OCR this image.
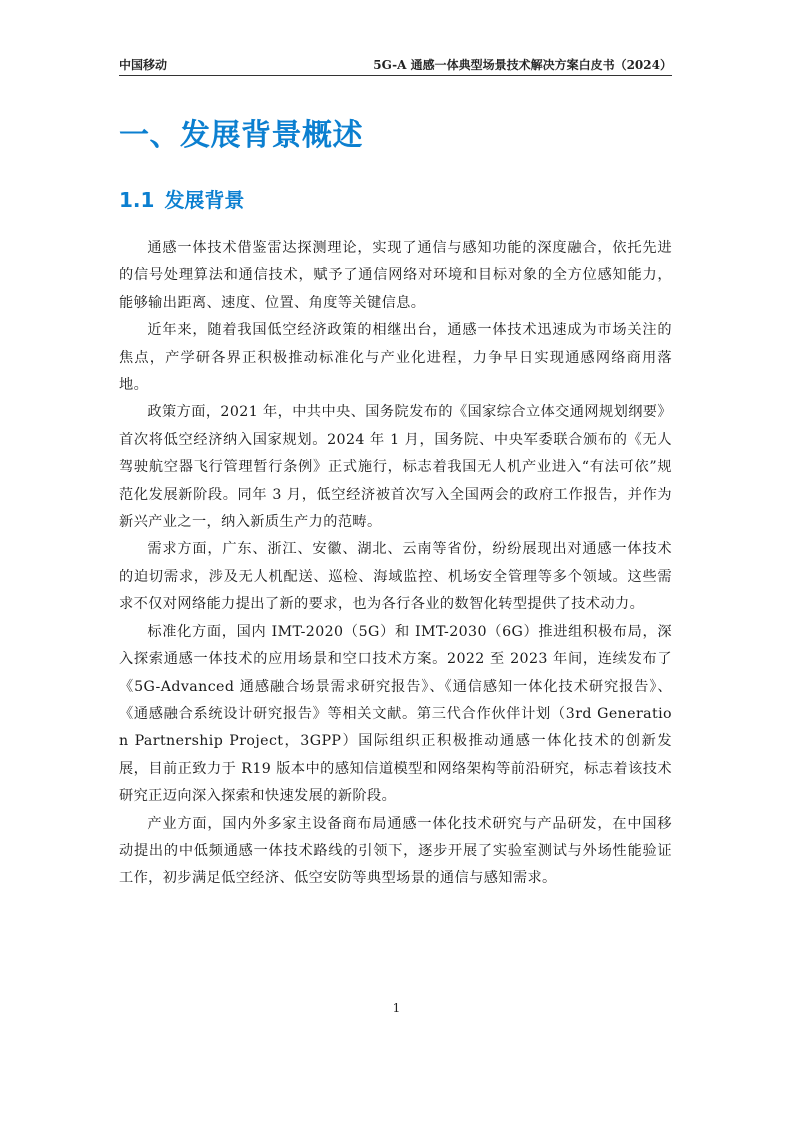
中国移动	5G-A 通感一体典型场景技术解决方案白皮书（2024）
一、发展背景概述
1.1 发展背景

通感一体技术借鉴雷达探测理论，实现了通信与感知功能的深度融合，依托先进的信号处理算法和通信技术，赋予了通信网络对环境和目标对象的全方位感知能力，能够输出距离、速度、位置、角度等关键信息。

近年来，随着我国低空经济政策的相继出台，通感一体技术迅速成为市场关注的焦点，产学研各界正积极推动标准化与产业化进程，力争早日实现通感网络商用落地。

政策方面，2021 年，中共中央、国务院发布的《国家综合立体交通网规划纲要》首次将低空经济纳入国家规划。2024 年 1 月，国务院、中央军委联合颁布的《无人驾驶航空器飞行管理暂行条例》正式施行，标志着我国无人机产业进入“有法可依”规范化发展新阶段。同年 3 月，低空经济被首次写入全国两会的政府工作报告，并作为新兴产业之一，纳入新质生产力的范畴。

需求方面，广东、浙江、安徽、湖北、云南等省份，纷纷展现出对通感一体技术的迫切需求，涉及无人机配送、巡检、海域监控、机场安全管理等多个领域。这些需求不仅对网络能力提出了新的要求，也为各行各业的数智化转型提供了技术动力。

标准化方面，国内 IMT-2020（5G）和 IMT-2030（6G）推进组积极布局，深入探索通感一体技术的应用场景和空口技术方案。2022 至 2023 年间，连续发布了《5G-Advanced 通感融合场景需求研究报告》、《通信感知一体化技术研究报告》、《通感融合系统设计研究报告》等相关文献。第三代合作伙伴计划（3rd Generation Partnership Project，3GPP）国际组织正积极推动通感一体化技术的创新发展，目前正致力于 R19 版本中的感知信道模型和网络架构等前沿研究，标志着该技术研究正迈向深入探索和快速发展的新阶段。

产业方面，国内外多家主设备商布局通感一体化技术研究与产品研发，在中国移动提出的中低频通感一体技术路线的引领下，逐步开展了实验室测试与外场性能验证工作，初步满足低空经济、低空安防等典型场景的通信与感知需求。

1
